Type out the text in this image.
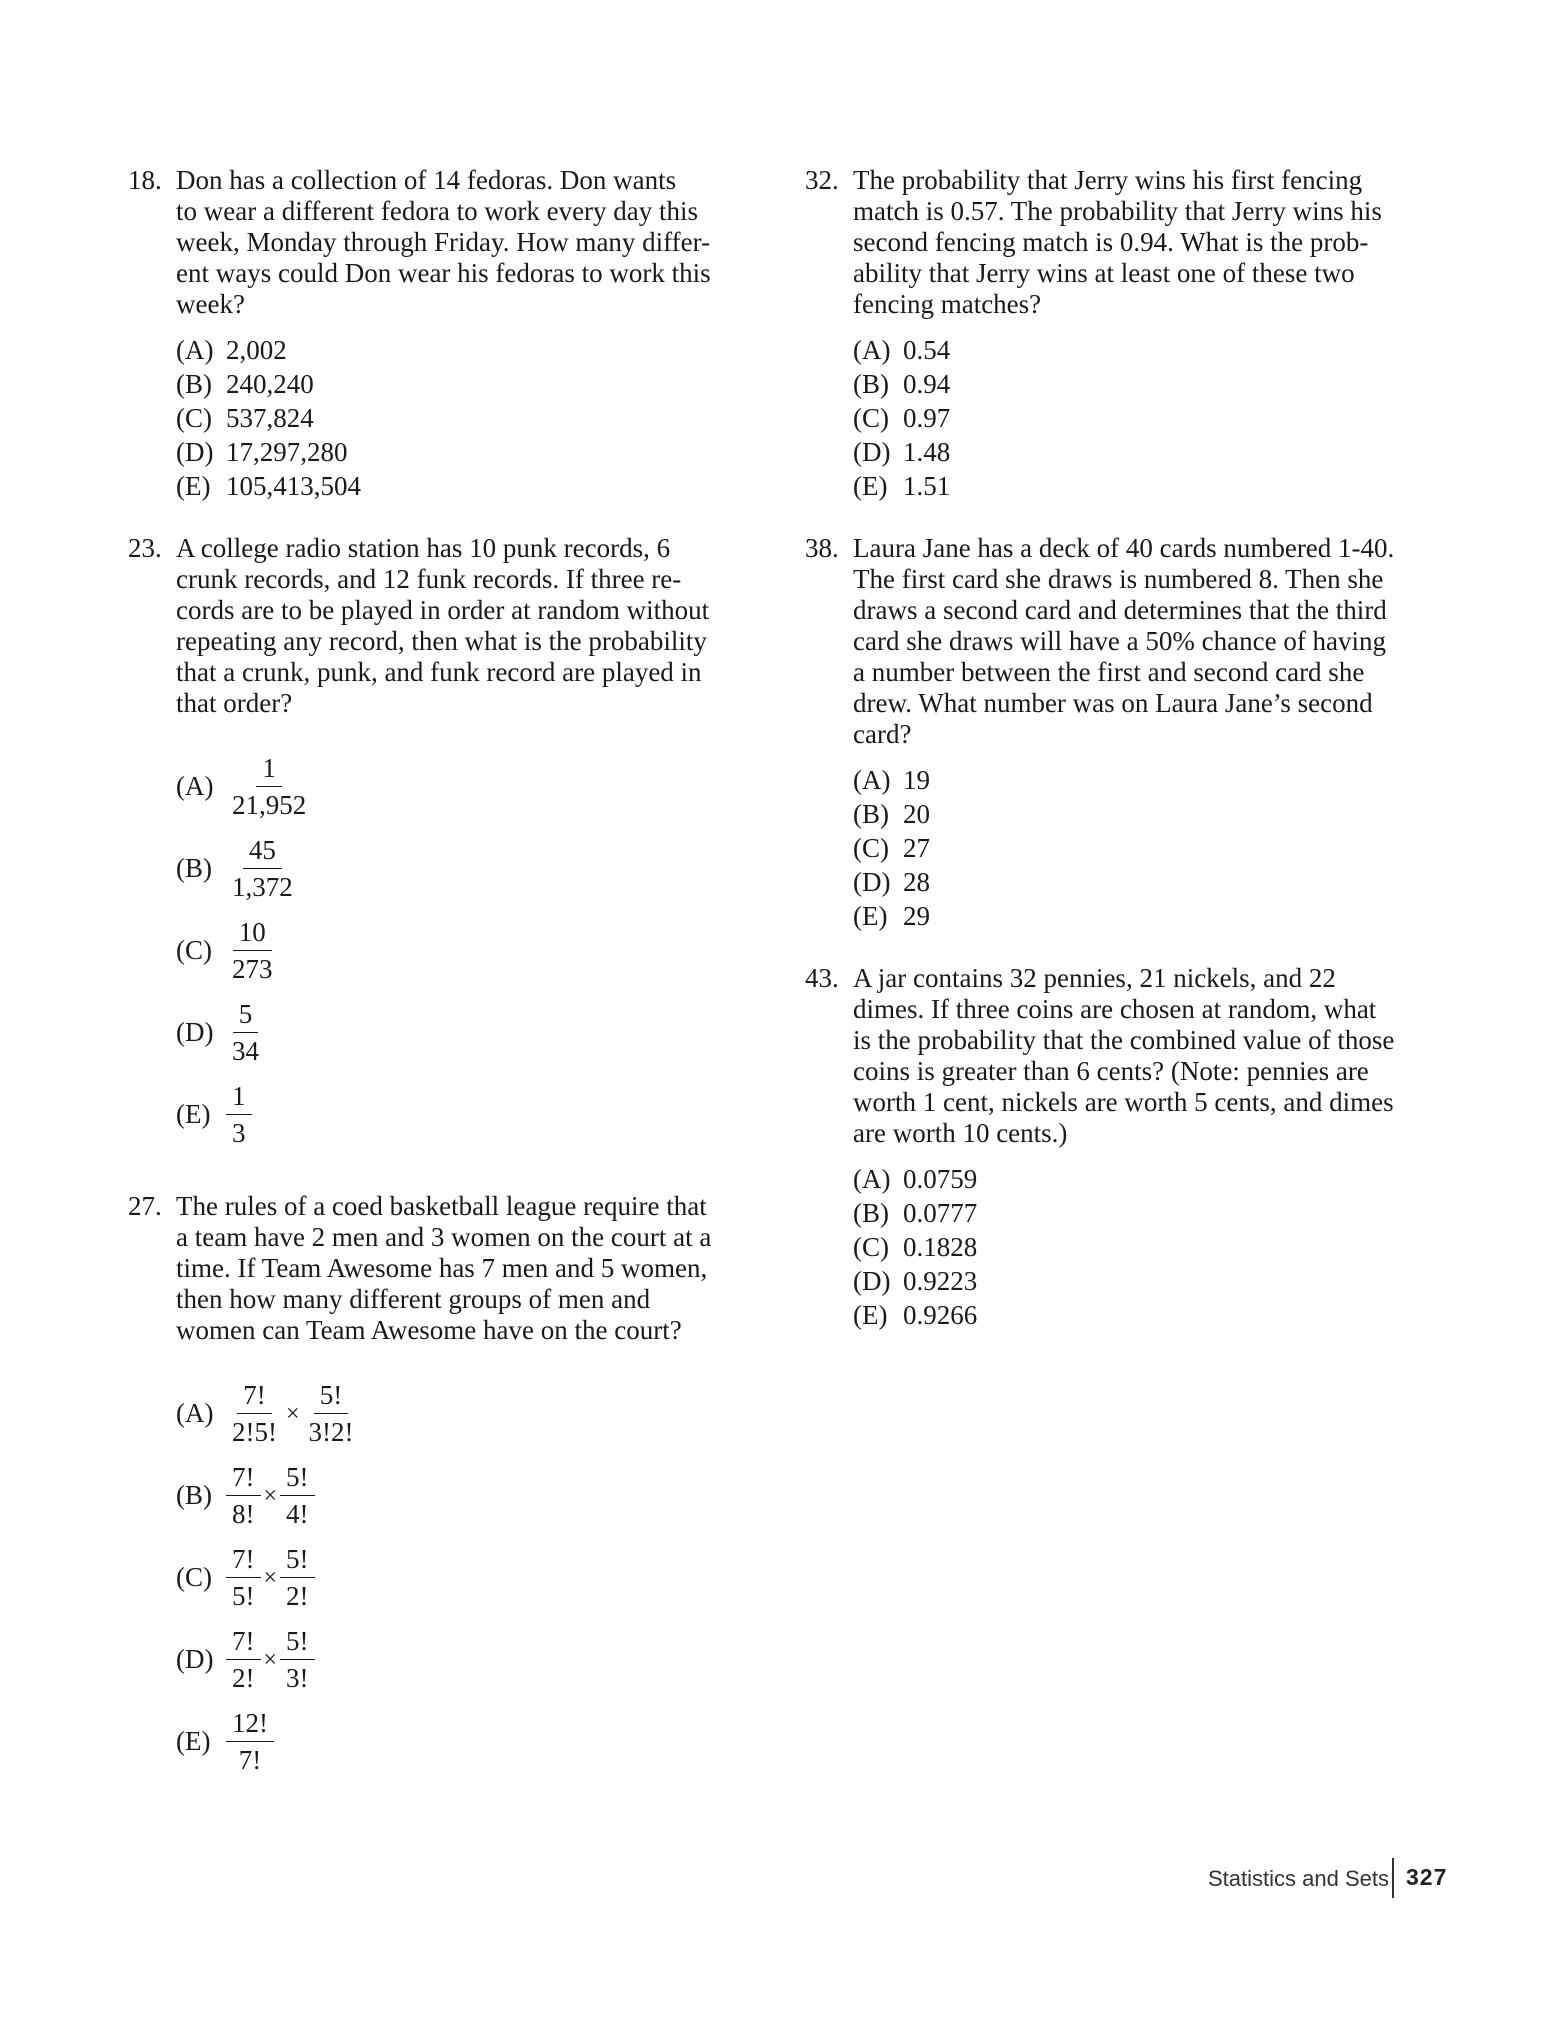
18. Don has a collection of 14 fedoras. Don wants
to wear a different fedora to work every day this
week, Monday through Friday. How many differ-
ent ways could Don wear his fedoras to work this
week?
(A) 2,002
(B) 240,240
(C) 537,824
(D) 17,297,280
(E) 105,413,504
23. A college radio station has 10 punk records, 6
crunk records, and 12 funk records. If three re-
cords are to be played in order at random without
repeating any record, then what is the probability
that a crunk, punk, and funk record are played in
that order?
$(A) \frac{1}{21,952}$
$(B) \frac{45}{1,372}$
$(C) \frac{10}{273}$
$(D) \frac{5}{34}$
$(E) \frac{1}{3}$
27. The rules of a coed basketball league require that
a team have 2 men and 3 women on the court at a
time. If Team Awesome has 7 men and 5 women,
then how many different groups of men and
women can Team Awesome have on the court?
$(A) \frac{7!}{2!5!} \times \frac{5!}{3!2!}$
$(B) \frac{7!}{8!} \times \frac{5!}{4!}$
$(C) \frac{7!}{5!} \times \frac{5!}{2!}$
$(D) \frac{7!}{2!} \times \frac{5!}{3!}$
$(E) \frac{12!}{7!}$
32. The probability that Jerry wins his first fencing
match is 0.57. The probability that Jerry wins his
second fencing match is 0.94. What is the prob-
ability that Jerry wins at least one of these two
fencing matches?
(A) 0.54
(B) 0.94
(C) 0.97
(D) 1.48
(E) 1.51
38. Laura Jane has a deck of 40 cards numbered 1-40.
The first card she draws is numbered 8. Then she
draws a second card and determines that the third
card she draws will have a 50% chance of having
a number between the first and second card she
drew. What number was on Laura Jane’s second
card?
(A) 19
(B) 20
(C) 27
(D) 28
(E) 29
43. A jar contains 32 pennies, 21 nickels, and 22
dimes. If three coins are chosen at random, what
is the probability that the combined value of those
coins is greater than 6 cents? (Note: pennies are
worth 1 cent, nickels are worth 5 cents, and dimes
are worth 10 cents.)
(A) 0.0759
(B) 0.0777
(C) 0.1828
(D) 0.9223
(E) 0.9266
Statistics and Sets 327
